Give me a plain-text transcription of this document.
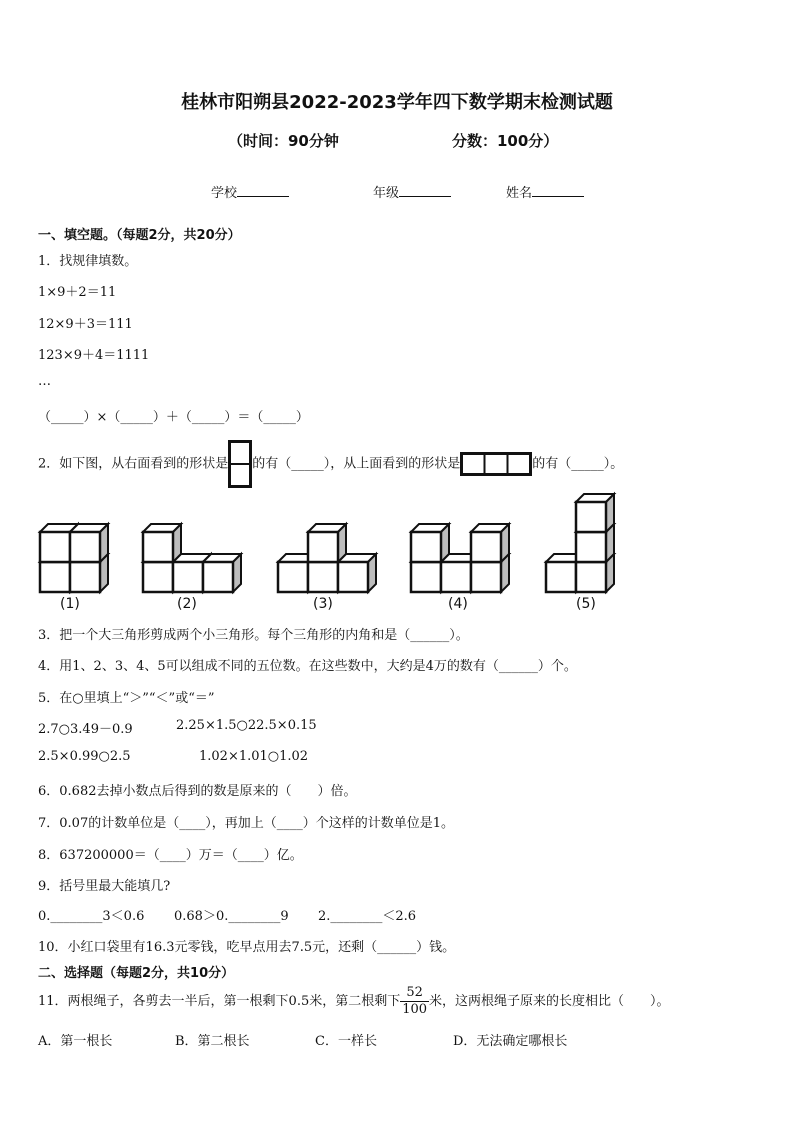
桂林市阳朔县2022-2023学年四下数学期末检测试题
（时间：90分钟	分数：100分）
学校	年级	姓名
一、填空题。（每题2分，共20分）
1．找规律填数。
1×9＋2＝11
12×9＋3＝111
123×9＋4＝1111
…
（_____）×（_____）＋（_____）＝（_____）
2．如下图，从右面看到的形状是 的有（_____），从上面看到的形状是	的有（_____）。
(1)	(2)	(3)	(4)	(5)
3．把一个大三角形剪成两个小三角形。每个三角形的内角和是（______）。
4．用1、2、3、4、5可以组成不同的五位数。在这些数中，大约是4万的数有（______）个。
5．在○里填上“＞”“＜”或“＝”
2.7○3.49－0.9	2.25×1.5○22.5×0.15
2.5×0.99○2.5	1.02×1.01○1.02
6．0.682去掉小数点后得到的数是原来的（　　）倍。
7．0.07的计数单位是（____），再加上（____）个这样的计数单位是1。
8．637200000＝（____）万＝（____）亿。
9．括号里最大能填几?
0.________3＜0.6 0.68＞0.________9 2.________＜2.6
10．小红口袋里有16.3元零钱，吃早点用去7.5元，还剩（______）钱。
二、选择题（每题2分，共10分）
11．两根绳子，各剪去一半后，第一根剩下0.5米，第二根剩下 $\frac{52}{100}$ 米，这两根绳子原来的长度相比（　　）。
A．第一根长	B．第二根长	C．一样长	D．无法确定哪根长
